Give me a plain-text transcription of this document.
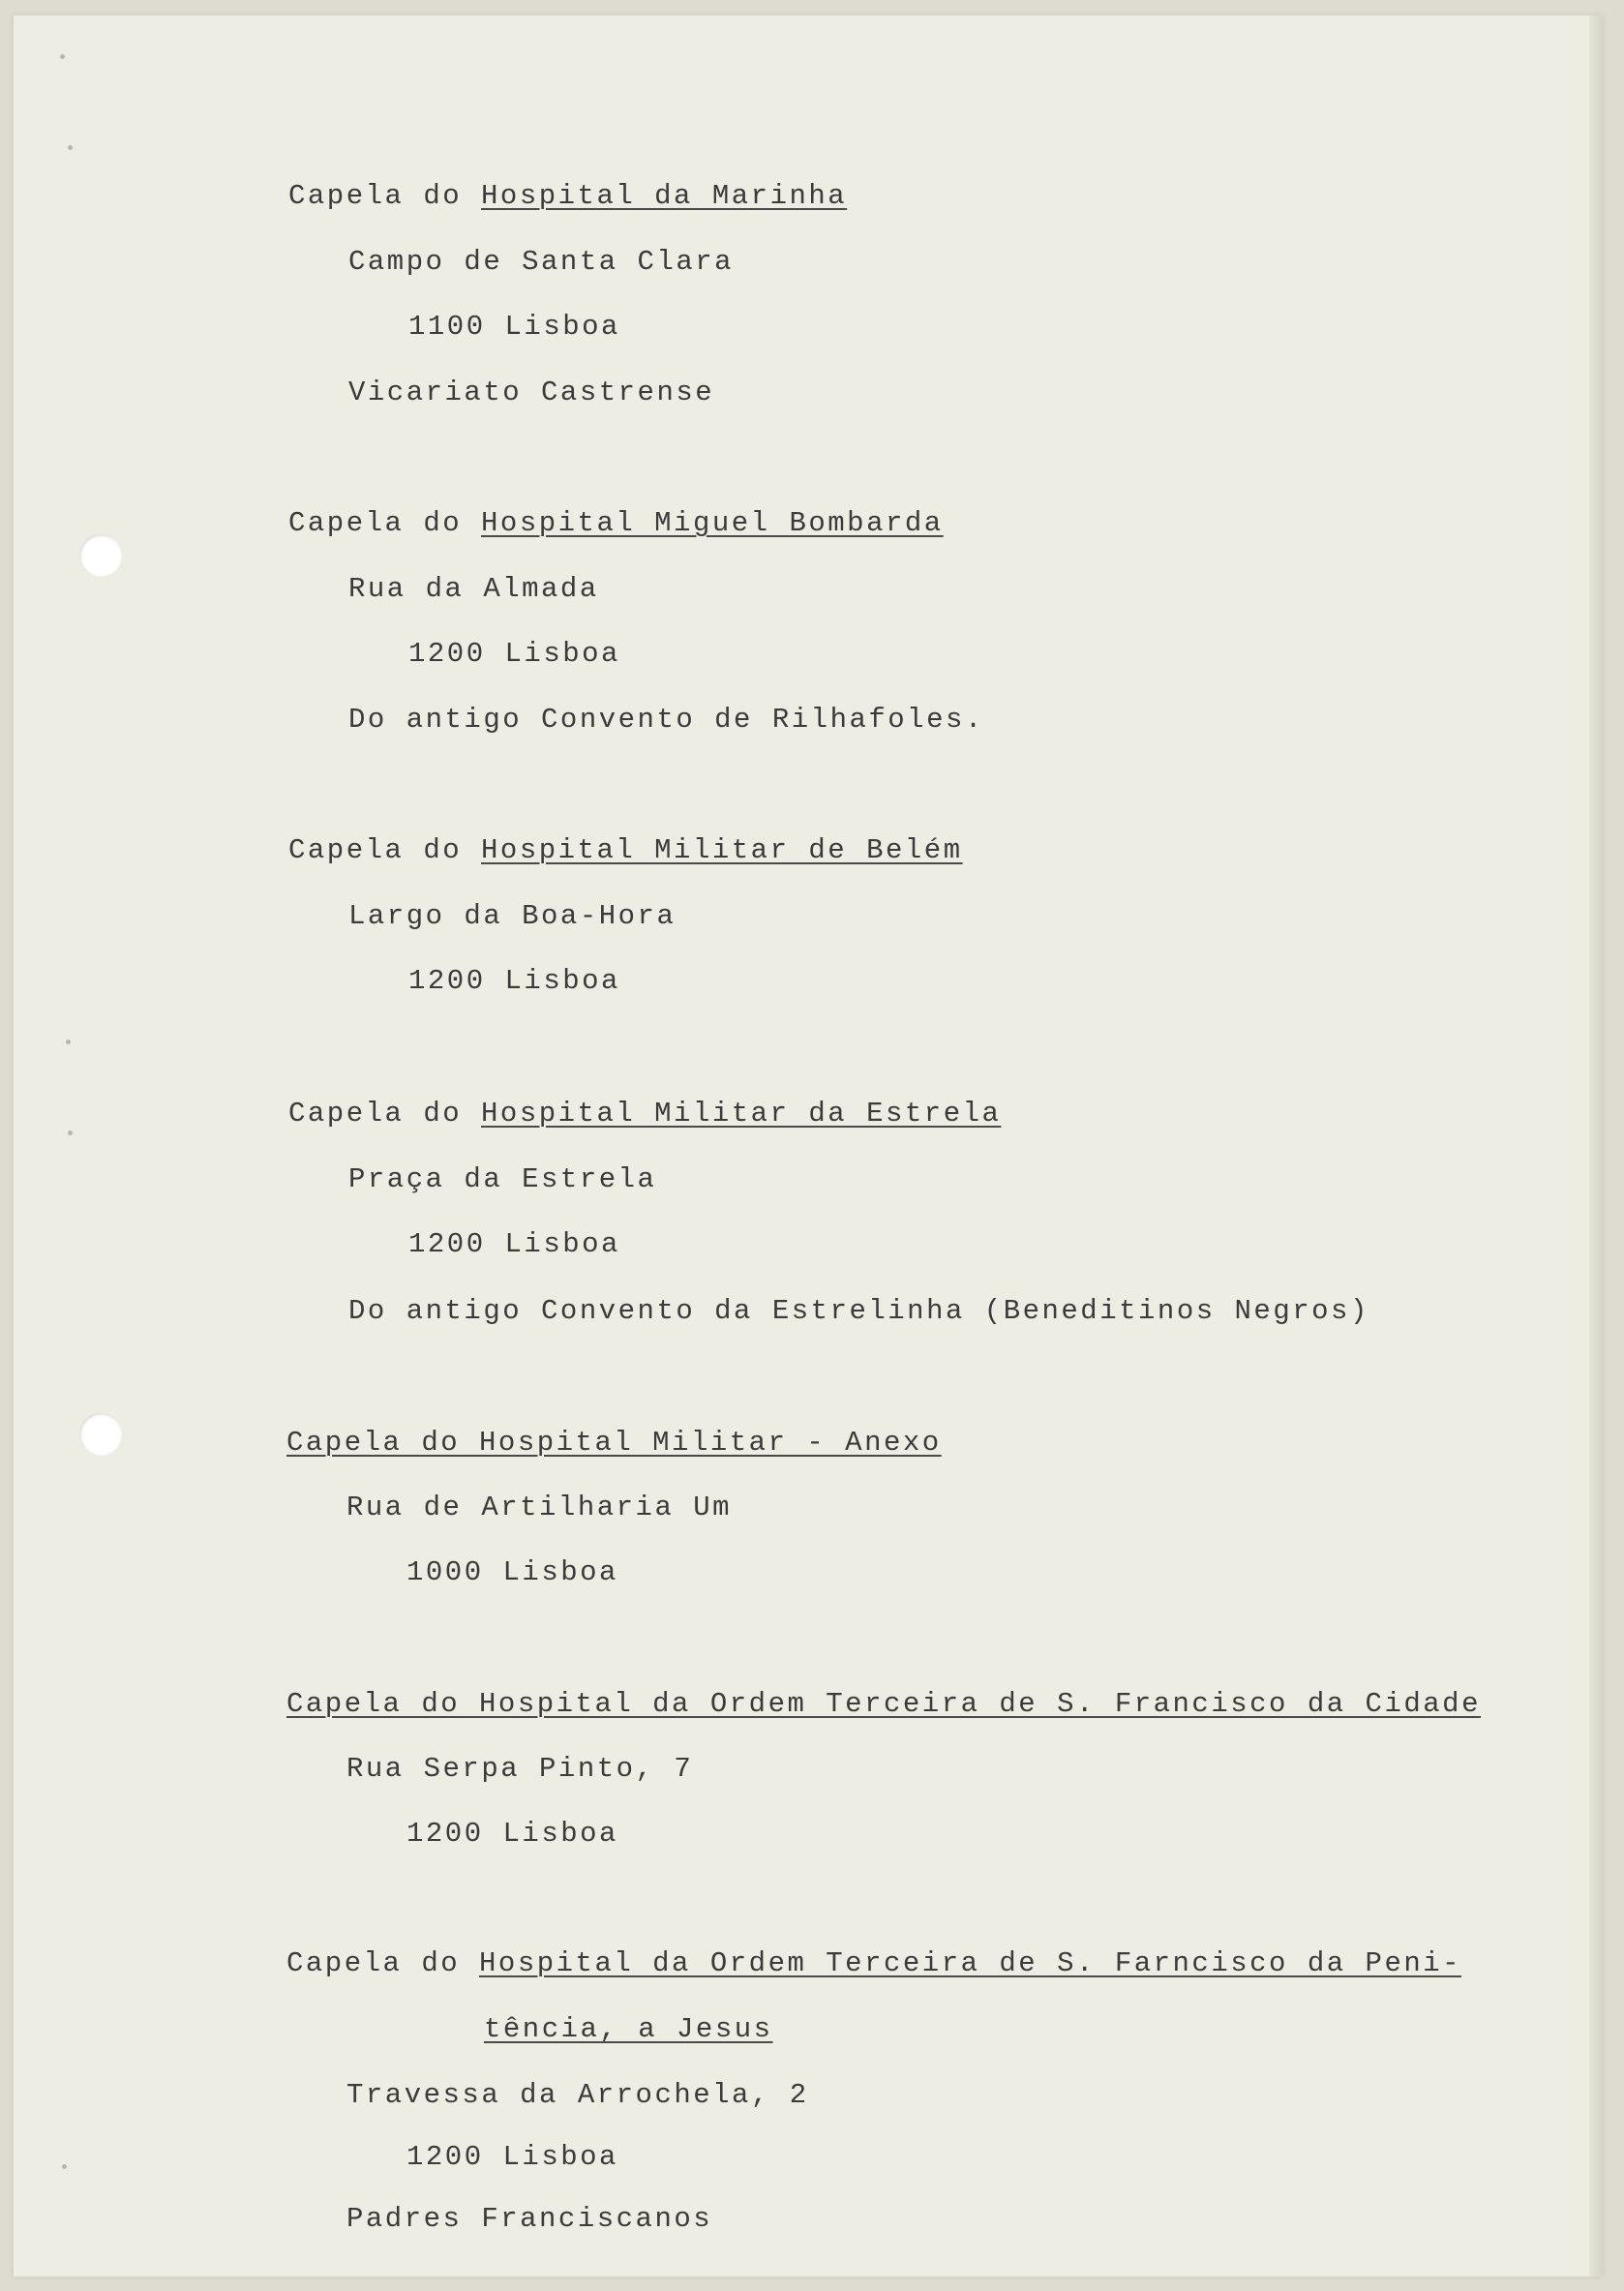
Capela do Hospital da Marinha
Campo de Santa Clara
1100 Lisboa
Vicariato Castrense
Capela do Hospital Miguel Bombarda
Rua da Almada
1200 Lisboa
Do antigo Convento de Rilhafoles.
Capela do Hospital Militar de Belém
Largo da Boa-Hora
1200 Lisboa
Capela do Hospital Militar da Estrela
Praça da Estrela
1200 Lisboa
Do antigo Convento da Estrelinha (Beneditinos Negros)
Capela do Hospital Militar - Anexo
Rua de Artilharia Um
1000 Lisboa
Capela do Hospital da Ordem Terceira de S. Francisco da Cidade
Rua Serpa Pinto, 7
1200 Lisboa
Capela do Hospital da Ordem Terceira de S. Farncisco da Peni-
tência, a Jesus
Travessa da Arrochela, 2
1200 Lisboa
Padres Franciscanos
